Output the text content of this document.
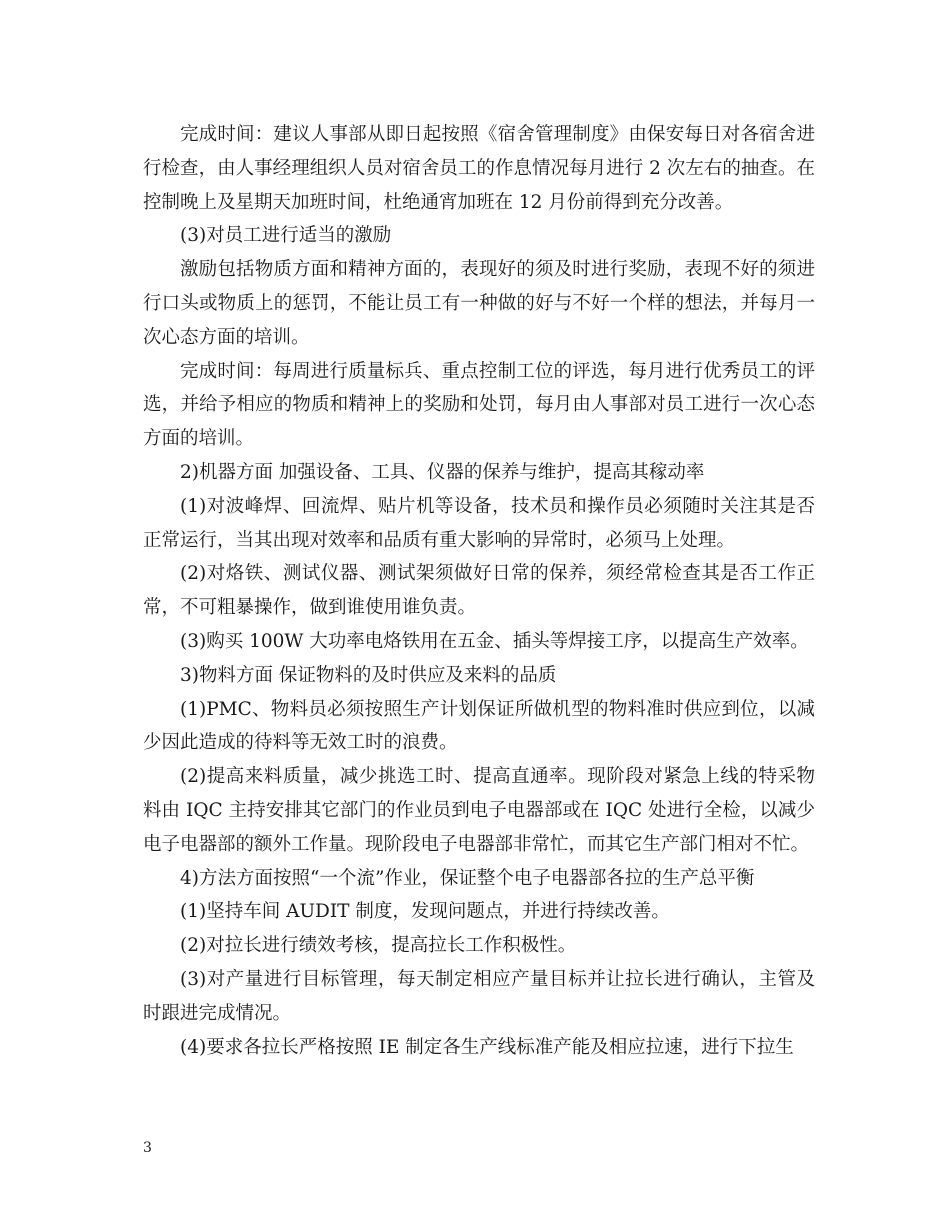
完成时间：建议人事部从即日起按照《宿舍管理制度》由保安每日对各宿舍进行检查，由人事经理组织人员对宿舍员工的作息情况每月进行 2 次左右的抽查。在控制晚上及星期天加班时间，杜绝通宵加班在 12 月份前得到充分改善。

(3)对员工进行适当的激励

激励包括物质方面和精神方面的，表现好的须及时进行奖励，表现不好的须进行口头或物质上的惩罚，不能让员工有一种做的好与不好一个样的想法，并每月一次心态方面的培训。

完成时间：每周进行质量标兵、重点控制工位的评选，每月进行优秀员工的评选，并给予相应的物质和精神上的奖励和处罚，每月由人事部对员工进行一次心态方面的培训。

2)机器方面 加强设备、工具、仪器的保养与维护，提高其稼动率

(1)对波峰焊、回流焊、贴片机等设备，技术员和操作员必须随时关注其是否正常运行，当其出现对效率和品质有重大影响的异常时，必须马上处理。

(2)对烙铁、测试仪器、测试架须做好日常的保养，须经常检查其是否工作正常，不可粗暴操作，做到谁使用谁负责。

(3)购买 100W 大功率电烙铁用在五金、插头等焊接工序，以提高生产效率。

3)物料方面 保证物料的及时供应及来料的品质

(1)PMC、物料员必须按照生产计划保证所做机型的物料准时供应到位，以减少因此造成的待料等无效工时的浪费。

(2)提高来料质量，减少挑选工时、提高直通率。现阶段对紧急上线的特采物料由 IQC 主持安排其它部门的作业员到电子电器部或在 IQC 处进行全检，以减少电子电器部的额外工作量。现阶段电子电器部非常忙，而其它生产部门相对不忙。

4)方法方面按照“一个流”作业，保证整个电子电器部各拉的生产总平衡

(1)坚持车间 AUDIT 制度，发现问题点，并进行持续改善。

(2)对拉长进行绩效考核，提高拉长工作积极性。

(3)对产量进行目标管理，每天制定相应产量目标并让拉长进行确认，主管及时跟进完成情况。

(4)要求各拉长严格按照 IE 制定各生产线标准产能及相应拉速，进行下拉生

3
